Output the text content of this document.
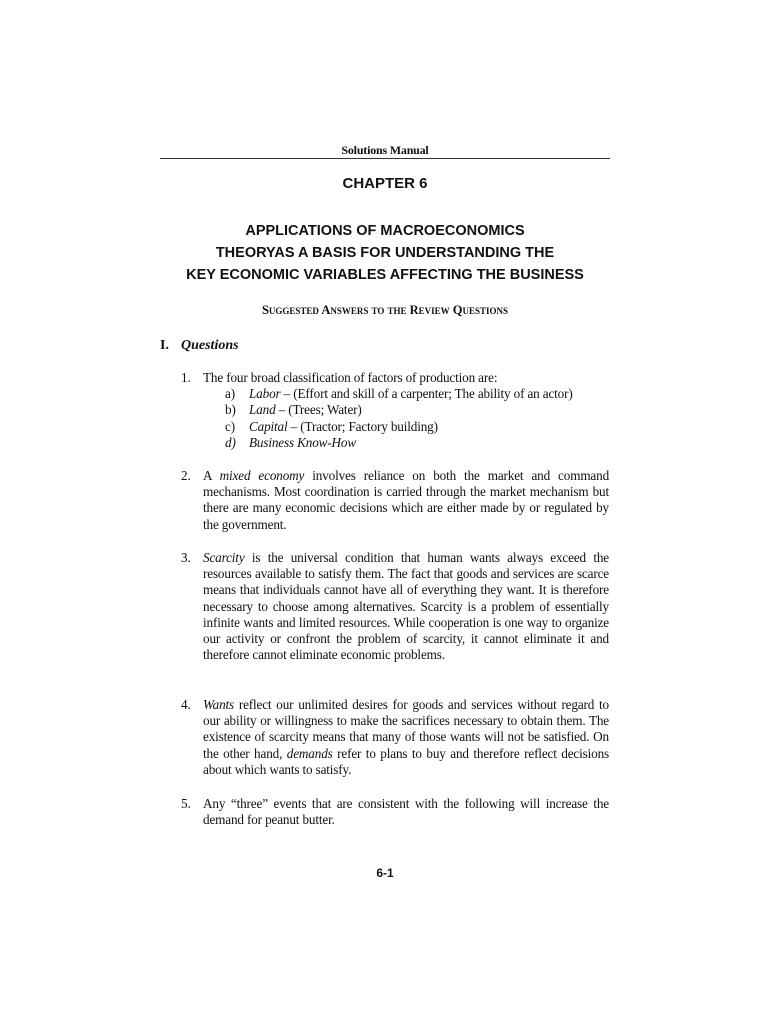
Solutions Manual
CHAPTER 6
APPLICATIONS OF MACROECONOMICS
THEORYAS A BASIS FOR UNDERSTANDING THE
KEY ECONOMIC VARIABLES AFFECTING THE BUSINESS
Suggested Answers to the Review Questions
I. Questions
1. The four broad classification of factors of production are:
a) Labor – (Effort and skill of a carpenter; The ability of an actor)
b) Land – (Trees; Water)
c) Capital – (Tractor; Factory building)
d) Business Know-How
2. A mixed economy involves reliance on both the market and command mechanisms. Most coordination is carried through the market mechanism but there are many economic decisions which are either made by or regulated by the government.
3. Scarcity is the universal condition that human wants always exceed the resources available to satisfy them. The fact that goods and services are scarce means that individuals cannot have all of everything they want. It is therefore necessary to choose among alternatives. Scarcity is a problem of essentially infinite wants and limited resources. While cooperation is one way to organize our activity or confront the problem of scarcity, it cannot eliminate it and therefore cannot eliminate economic problems.
4. Wants reflect our unlimited desires for goods and services without regard to our ability or willingness to make the sacrifices necessary to obtain them. The existence of scarcity means that many of those wants will not be satisfied. On the other hand, demands refer to plans to buy and therefore reflect decisions about which wants to satisfy.
5. Any “three” events that are consistent with the following will increase the demand for peanut butter.
6-1
